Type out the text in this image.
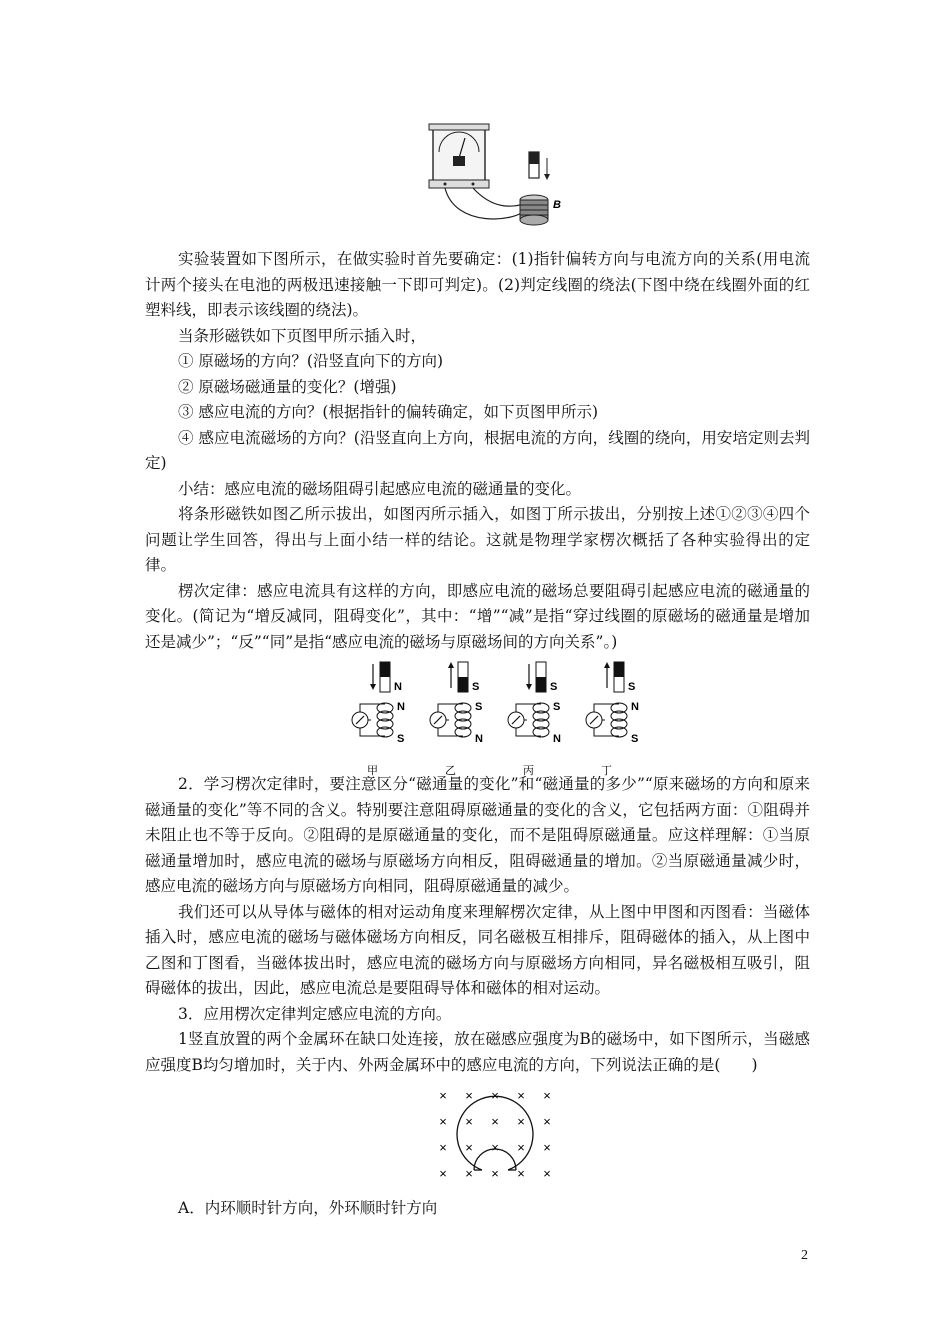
B

实验装置如下图所示，在做实验时首先要确定：(1)指针偏转方向与电流方向的关系(用电流计两个接头在电池的两极迅速接触一下即可判定)。(2)判定线圈的绕法(下图中绕在线圈外面的红塑料线，即表示该线圈的绕法)。

当条形磁铁如下页图甲所示插入时，

① 原磁场的方向？(沿竖直向下的方向)

② 原磁场磁通量的变化？(增强)

③ 感应电流的方向？(根据指针的偏转确定，如下页图甲所示)

④ 感应电流磁场的方向？(沿竖直向上方向，根据电流的方向，线圈的绕向，用安培定则去判定)

小结：感应电流的磁场阻碍引起感应电流的磁通量的变化。

将条形磁铁如图乙所示拔出，如图丙所示插入，如图丁所示拔出，分别按上述①②③④四个问题让学生回答，得出与上面小结一样的结论。这就是物理学家楞次概括了各种实验得出的定律。

楞次定律：感应电流具有这样的方向，即感应电流的磁场总要阻碍引起感应电流的磁通量的变化。(简记为“增反减同，阻碍变化”，其中：“增”“减”是指“穿过线圈的原磁场的磁通量是增加还是减少”；“反”“同”是指“感应电流的磁场与原磁场间的方向关系”。)

N
N
S
甲
S
S
N
乙
S
S
N
丙
S
N
S
丁

2．学习楞次定律时，要注意区分“磁通量的变化”和“磁通量的多少”“原来磁场的方向和原来磁通量的变化”等不同的含义。特别要注意阻碍原磁通量的变化的含义，它包括两方面：①阻碍并未阻止也不等于反向。②阻碍的是原磁通量的变化，而不是阻碍原磁通量。应这样理解：①当原磁通量增加时，感应电流的磁场与原磁场方向相反，阻碍磁通量的增加。②当原磁通量减少时，感应电流的磁场方向与原磁场方向相同，阻碍原磁通量的减少。

我们还可以从导体与磁体的相对运动角度来理解楞次定律，从上图中甲图和丙图看：当磁体插入时，感应电流的磁场与磁体磁场方向相反，同名磁极互相排斥，阻碍磁体的插入，从上图中乙图和丁图看，当磁体拔出时，感应电流的磁场方向与原磁场方向相同，异名磁极相互吸引，阻碍磁体的拔出，因此，感应电流总是要阻碍导体和磁体的相对运动。

3．应用楞次定律判定感应电流的方向。

1竖直放置的两个金属环在缺口处连接，放在磁感应强度为B的磁场中，如下图所示，当磁感应强度B均匀增加时，关于内、外两金属环中的感应电流的方向，下列说法正确的是(　　)

× × × × ×
× × × × ×
× × × × ×
× × × × ×

A．内环顺时针方向，外环顺时针方向

2
